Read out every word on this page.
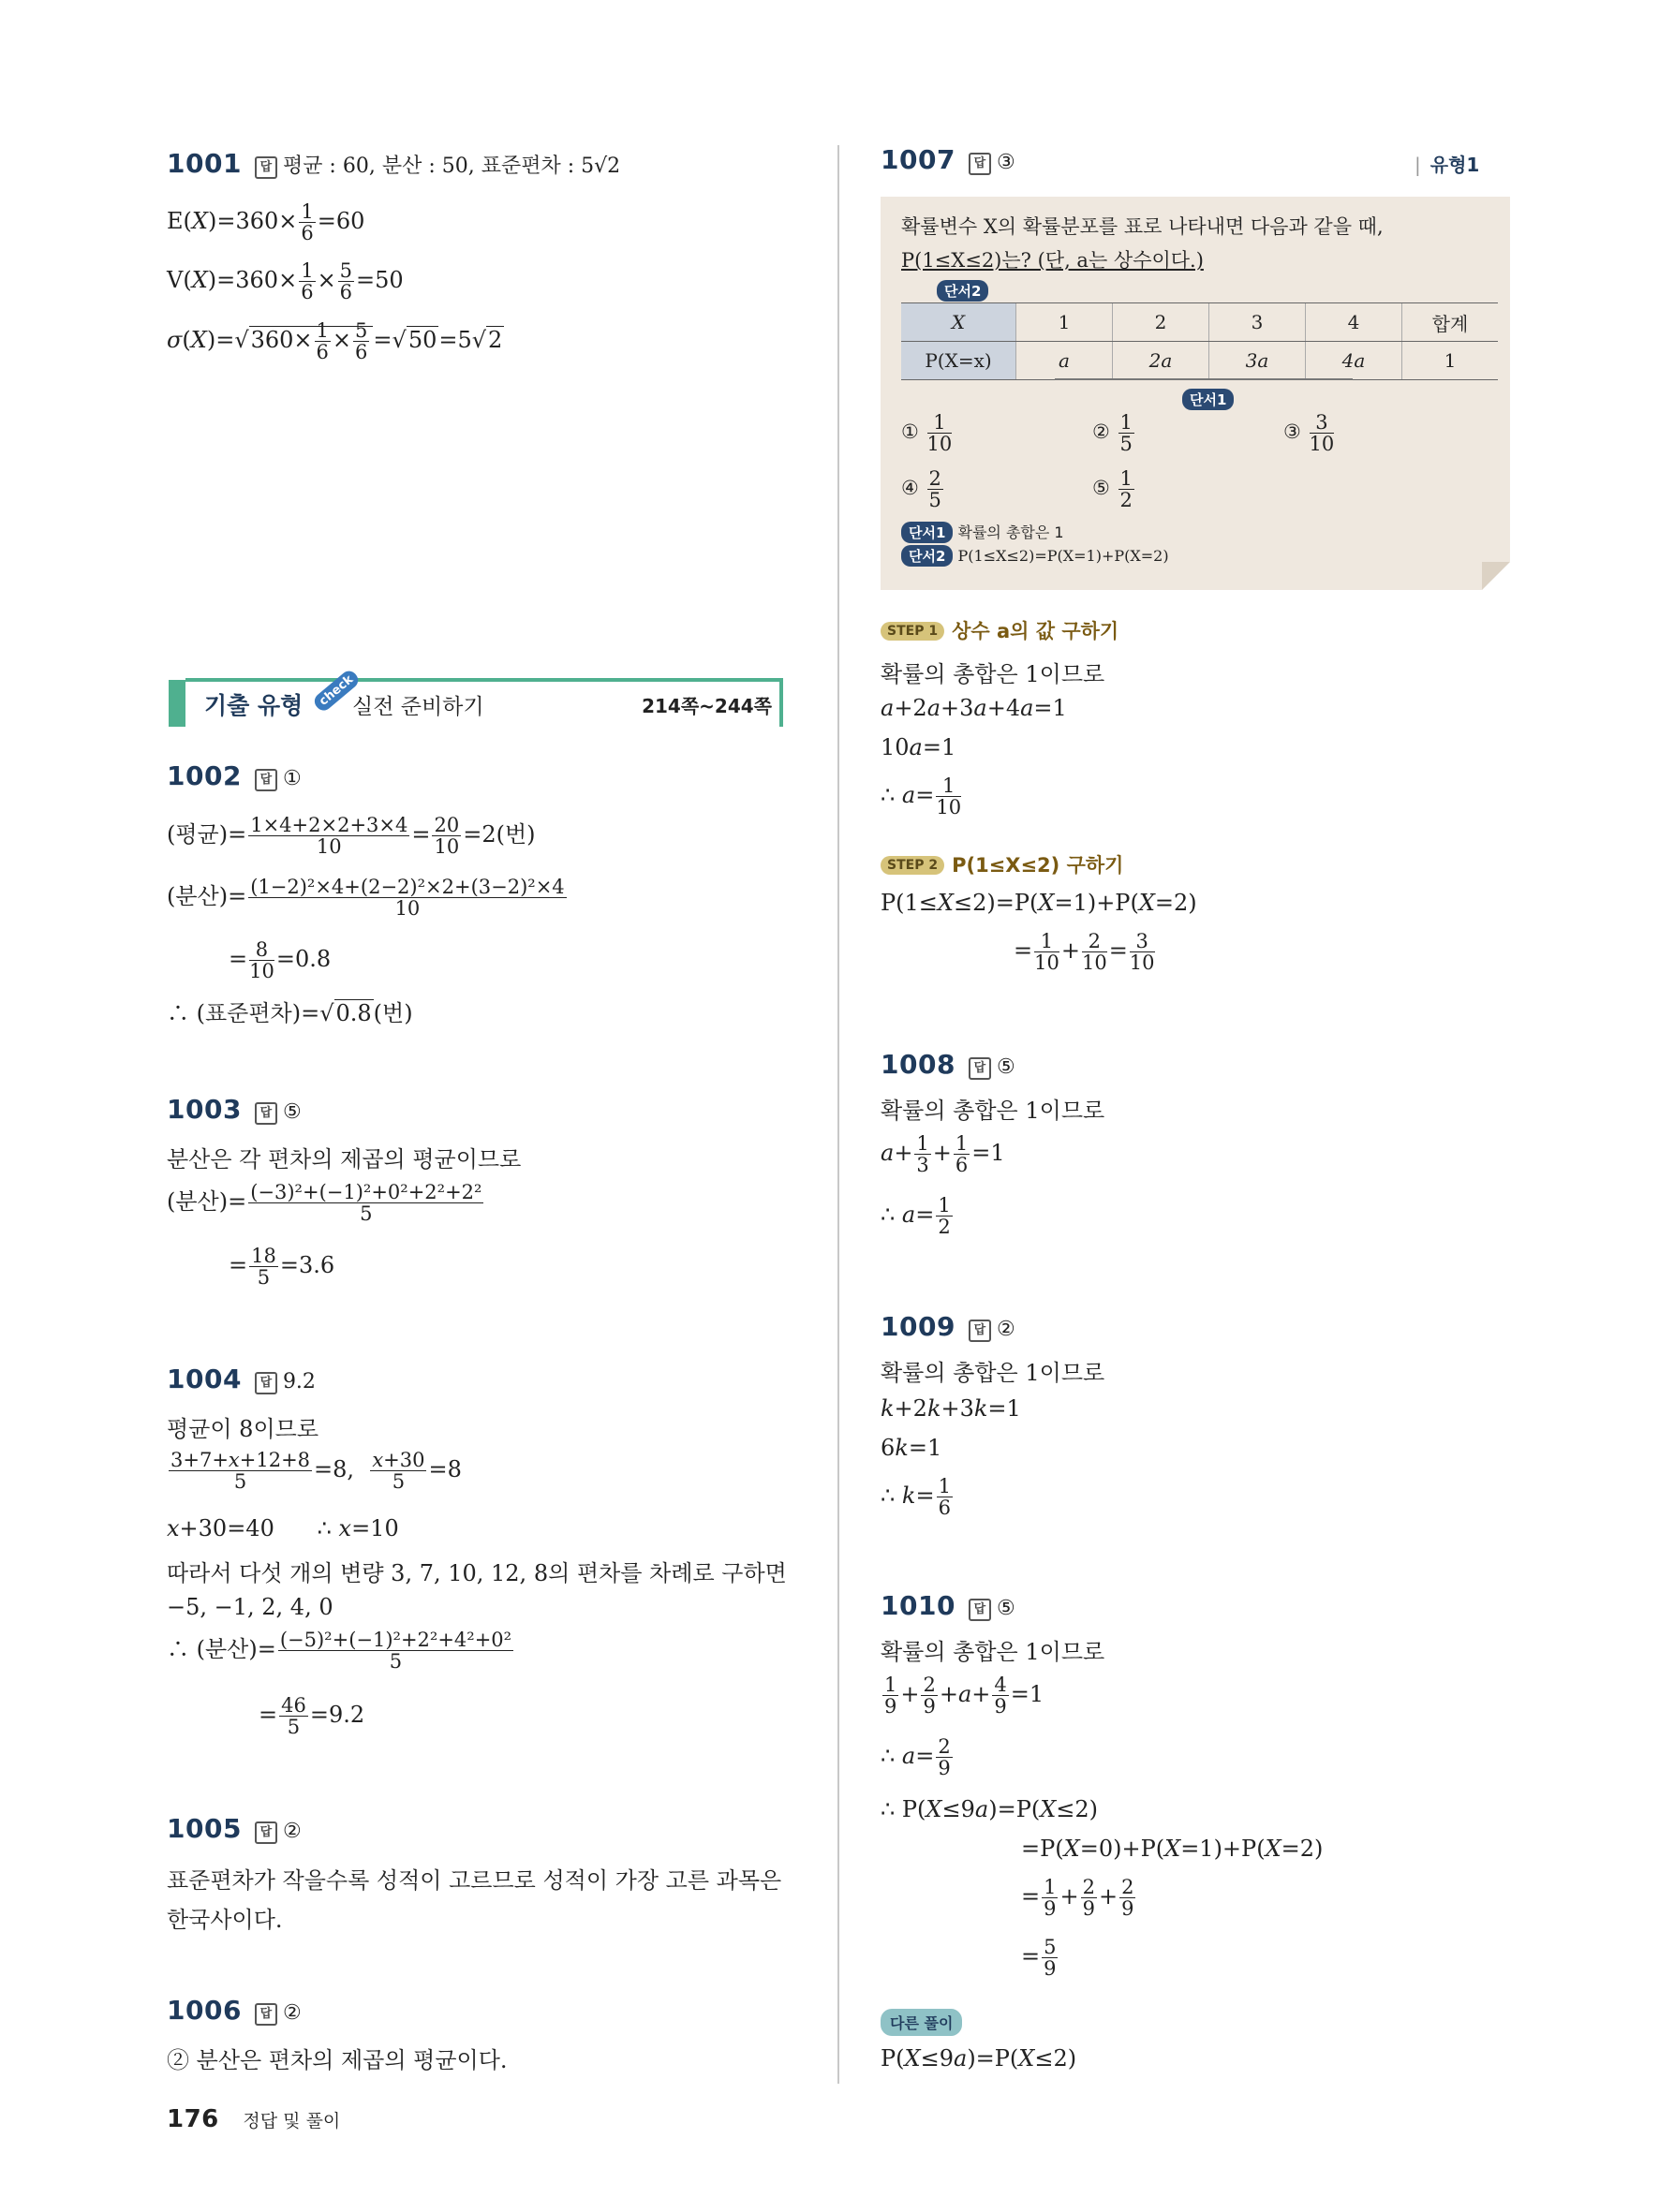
1001 답 평균 : 60, 분산 : 50, 표준편차 : 5√2
$E(X)=360\times \frac{1}{6} =60$
$V(X)=360\times \frac{1}{6} \times \frac{5}{6} =50$
$\sigma(X)=√360\times \frac{1}{6} \times \frac{5}{6} =√50=5√2$
기출 유형	check
실전 준비하기	214쪽~244쪽
1002 답 ①
(평균)= $\frac{1\times 4+2\times 2+3\times 4}{10} = \frac{20}{10} =2$(번)
(분산)= $\frac{\text{(1−2)²×4+(2−2)²×2+(3−2)²×4}}{10}$
= $\frac{8}{10} =0.8$
∴ (표준편차)=√0.8(번)
1003 답 ⑤
분산은 각 편차의 제곱의 평균이므로
(분산)= $\frac{\text{(−3)²+(−1)²+0²+2²+2²}}{5}$
= $\frac{18}{5} =3.6$
1004 답 9.2
평균이 8이므로
$\frac{3+7+x+12+8}{5} =8$, $\frac{x+30}{5} =8$
x+30=40      ∴ x=10
따라서 다섯 개의 변량 3, 7, 10, 12, 8의 편차를 차례로 구하면
−5, −1, 2, 4, 0
∴ (분산)= $\frac{\text{(−5)²+(−1)²+2²+4²+0²}}{5}$
= $\frac{46}{5} =9.2$
1005 답 ②
표준편차가 작을수록 성적이 고르므로 성적이 가장 고른 과목은
한국사이다.
1006 답 ②
② 분산은 편차의 제곱의 평균이다.
176 정답 및 풀이
1007 답 ③	| 유형1
확률변수 X의 확률분포를 표로 나타내면 다음과 같을 때,
P(1≤X≤2)는? (단, a는 상수이다.)
단서2
X	1	2	3	4	합계
P(X=x)	a	2a	3a	4a	1
단서1
① $\frac{1}{10}$	② $\frac{1}{5}$	③ $\frac{3}{10}$
④ $\frac{2}{5}$	⑤ $\frac{1}{2}$
단서1 확률의 총합은 1
단서2 P(1≤X≤2)=P(X=1)+P(X=2)
STEP 1 상수 a의 값 구하기
확률의 총합은 1이므로
a+2a+3a+4a=1
10a=1
∴ $a= \frac{1}{10}$
STEP 2 P(1≤X≤2) 구하기
P(1≤X≤2)=P(X=1)+P(X=2)
= $\frac{1}{10} + \frac{2}{10} = \frac{3}{10}$
1008 답 ⑤
확률의 총합은 1이므로
$a+ \frac{1}{3} + \frac{1}{6} =1$
∴ $a= \frac{1}{2}$
1009 답 ②
확률의 총합은 1이므로
k+2k+3k=1
6k=1
∴ $k= \frac{1}{6}$
1010 답 ⑤
확률의 총합은 1이므로
$\frac{1}{9} + \frac{2}{9} +a+ \frac{4}{9} =1$
∴ $a= \frac{2}{9}$
∴ P(X≤9a)=P(X≤2)
=P(X=0)+P(X=1)+P(X=2)
= $\frac{1}{9} + \frac{2}{9} + \frac{2}{9}$
= $\frac{5}{9}$
다른 풀이
P(X≤9a)=P(X≤2)
